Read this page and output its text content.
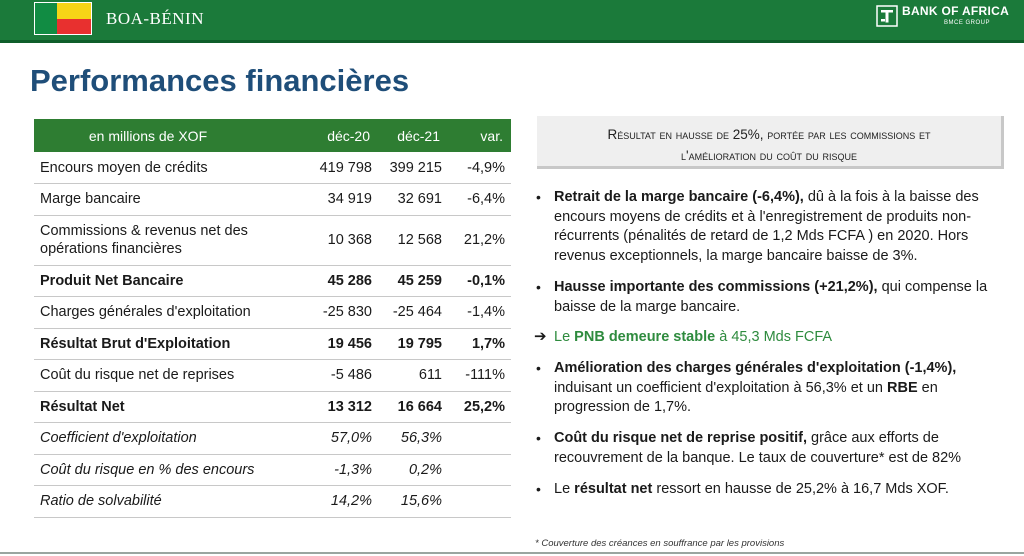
BOA-BÉNIN	BANK OF AFRICA
BMCE GROUP
Performances financières
en millions de XOF	déc-20	déc-21	var.
Encours moyen de crédits	419 798	399 215	-4,9%
Marge bancaire	34 919	32 691	-6,4%
Commissions & revenus net des opérations financières	10 368	12 568	21,2%
Produit Net Bancaire	45 286	45 259	-0,1%
Charges générales d'exploitation	-25 830	-25 464	-1,4%
Résultat Brut d'Exploitation	19 456	19 795	1,7%
Coût du risque net de reprises	-5 486	611	-111%
Résultat Net	13 312	16 664	25,2%
Coefficient d'exploitation	57,0%	56,3%	
Coût du risque en % des encours	-1,3%	0,2%	
Ratio de solvabilité	14,2%	15,6%	
Résultat en hausse de 25%, portée par les commissions et
l'amélioration du coût du risque
• Retrait de la marge bancaire (-6,4%), dû à la fois à la baisse des encours moyens de crédits et à l'enregistrement de produits non-récurrents (pénalités de retard de 1,2 Mds FCFA ) en 2020. Hors revenus exceptionnels, la marge bancaire baisse de 3%.
• Hausse importante des commissions (+21,2%), qui compense la baisse de la marge bancaire.
➔ Le PNB demeure stable à 45,3 Mds FCFA
• Amélioration des charges générales d'exploitation (-1,4%), induisant un coefficient d'exploitation à 56,3% et un RBE en progression de 1,7%.
• Coût du risque net de reprise positif, grâce aux efforts de recouvrement de la banque. Le taux de couverture* est de 82%
• Le résultat net ressort en hausse de 25,2% à 16,7 Mds XOF.
* Couverture des créances en souffrance par les provisions
